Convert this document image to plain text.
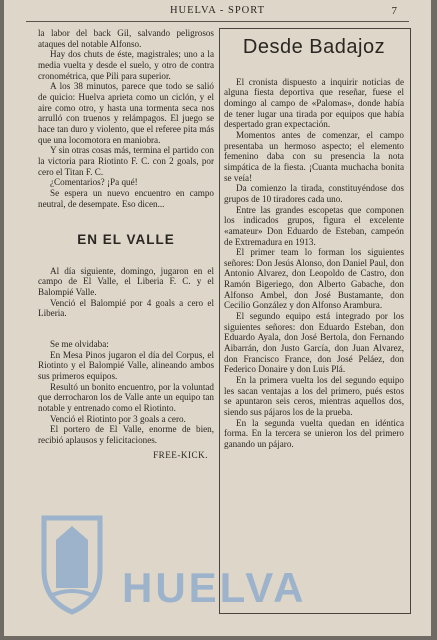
HUELVA - SPORT	7

la labor del back Gil, salvando peligrosos ataques del notable Alfonso.

Hay dos chuts de éste, magistrales; uno a la media vuelta y desde el suelo, y otro de contra cronométrica, que Pili para superior.

A los 38 minutos, parece que todo se salió de quicio: Huelva aprieta como un ciclón, y el aire como otro, y hasta una tormenta seca nos arrulló con truenos y relámpagos. El juego se hace tan duro y violento, que el referee pita más que una locomotora en maniobra.

Y sin otras cosas más, termina el partido con la victoria para Riotinto F. C. con 2 goals, por cero el Titan F. C.

¿Comentarios? ¡Pa qué!

Se espera un nuevo encuentro en campo neutral, de desempate. Eso dicen...

EN EL VALLE

Al día siguiente, domingo, jugaron en el campo de El Valle, el Liberia F. C. y el Balompié Valle.

Venció el Balompié por 4 goals a cero el Liberia.

Se me olvidaba:

En Mesa Pinos jugaron el día del Corpus, el Riotinto y el Balompié Valle, alineando ambos sus primeros equipos.

Resultó un bonito encuentro, por la voluntad que derrocharon los de Valle ante un equipo tan notable y entrenado como el Riotinto.

Venció el Riotinto por 3 goals a cero.

El portero de El Valle, enorme de bien, recibió aplausos y felicitaciones.

FREE-KICK.
Desde Badajoz

El cronista dispuesto a inquirir noticias de alguna fiesta deportiva que reseñar, fuese el domingo al campo de «Palomas», donde había de tener lugar una tirada por equipos que había despertado gran expectación.

Momentos antes de comenzar, el campo presentaba un hermoso aspecto; el elemento femenino daba con su presencia la nota simpática de la fiesta. ¡Cuanta muchacha bonita se veía!

Da comienzo la tirada, constituyéndose dos grupos de 10 tiradores cada uno.

Entre las grandes escopetas que componen los indicados grupos, figura el excelente «amateur» Don Eduardo de Esteban, campeón de Extremadura en 1913.

El primer team lo forman los siguientes señores: Don Jesús Alonso, don Daniel Paul, don Antonio Alvarez, don Leopoldo de Castro, don Ramón Bigeriego, don Alberto Gabache, don Alfonso Ambel, don José Bustamante, don Cecilio González y don Alfonso Arambura.

El segundo equipo está integrado por los siguientes señores: don Eduardo Esteban, don Eduardo Ayala, don José Bertola, don Fernando Aibarrán, don Justo García, don Juan Alvarez, don Francisco France, don José Peláez, don Federico Donaire y don Luis Plá.

En la primera vuelta los del segundo equipo les sacan ventajas a los del primero, pués estos se apuntaron seis ceros, mientras aquellos dos, siendo sus pájaros los de la prueba.

En la segunda vuelta quedan en idéntica forma. En la tercera se unieron los del primero ganando un pájaro.

HUELVA
